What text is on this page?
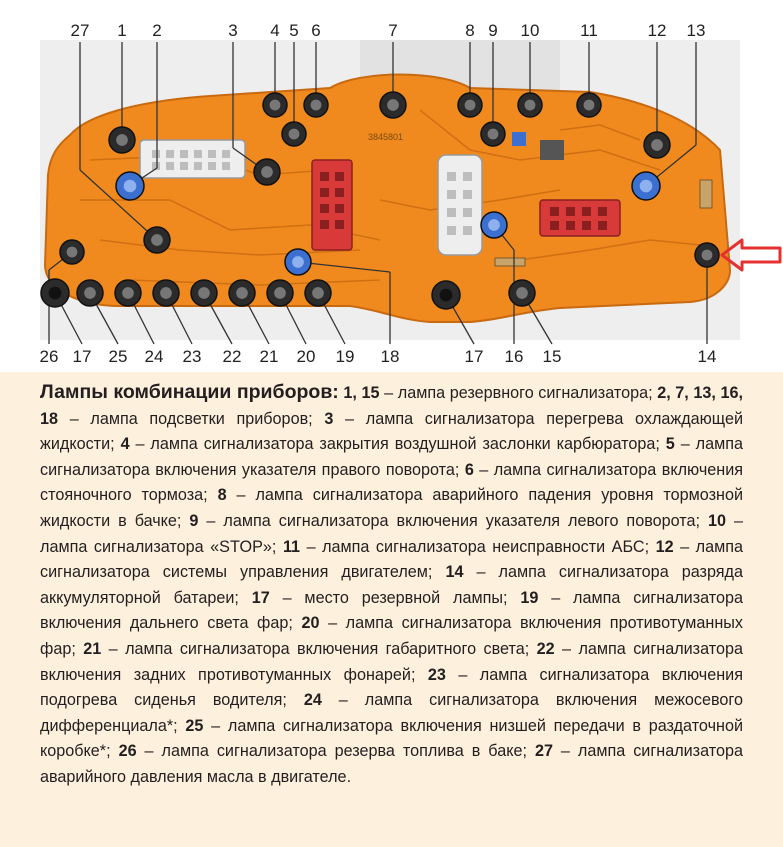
3845801
27 1 2	3 4 5 6	7	8 9 10 11	12 13
26 17 25 24 23 22 21 20 19 18	17 16 15	14
Лампы комбинации приборов: 1, 15 – лампа резервного сигнализатора; 2, 7, 13, 16, 18 – лампа подсветки приборов; 3 – лампа сигнализатора перегрева охлаждающей жидкости; 4 – лампа сигнализатора закрытия воздушной заслонки карбюратора; 5 – лампа сигнализатора включения указателя правого поворота; 6 – лампа сигнализатора включения стояночного тормоза; 8 – лампа сигнализатора аварийного падения уровня тормозной жидкости в бачке; 9 – лампа сигнализатора включения указателя левого поворота; 10 – лампа сигнализатора «STOP»; 11 – лампа сигнализатора неисправности АБС; 12 – лампа сигнализатора системы управления двигателем; 14 – лампа сигнализатора разряда аккумуляторной батареи; 17 – место резервной лампы; 19 – лампа сигнализатора включения дальнего света фар; 20 – лампа сигнализатора включения противотуманных фар; 21 – лампа сигнализатора включения габаритного света; 22 – лампа сигнализатора включения задних противотуманных фонарей; 23 – лампа сигнализатора включения подогрева сиденья водителя; 24 – лампа сигнализатора включения межосевого дифференциала*; 25 – лампа сигнализатора включения низшей передачи в раздаточной коробке*; 26 – лампа сигнализатора резерва топлива в баке; 27 – лампа сигнализатора аварийного давления масла в двигателе.
